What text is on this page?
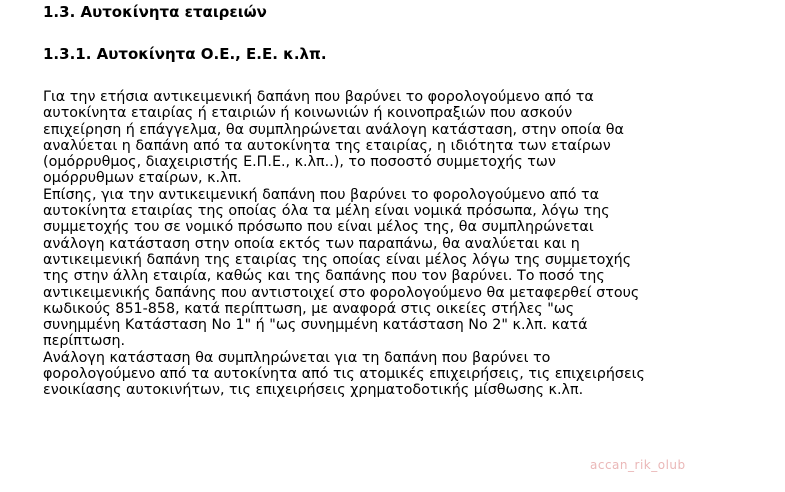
1.3. Αυτοκίνητα εταιρειών
1.3.1. Αυτοκίνητα Ο.Ε., Ε.Ε. κ.λπ.
Για την ετήσια αντικειμενική δαπάνη που βαρύνει το φορολογούμενο από τα
αυτοκίνητα εταιρίας ή εταιριών ή κοινωνιών ή κοινοπραξιών που ασκούν
επιχείρηση ή επάγγελμα, θα συμπληρώνεται ανάλογη κατάσταση, στην οποία θα
αναλύεται η δαπάνη από τα αυτοκίνητα της εταιρίας, η ιδιότητα των εταίρων
(ομόρρυθμος, διαχειριστής Ε.Π.Ε., κ.λπ..), το ποσοστό συμμετοχής των
ομόρρυθμων εταίρων, κ.λπ.
Επίσης, για την αντικειμενική δαπάνη που βαρύνει το φορολογούμενο από τα
αυτοκίνητα εταιρίας της οποίας όλα τα μέλη είναι νομικά πρόσωπα, λόγω της
συμμετοχής του σε νομικό πρόσωπο που είναι μέλος της, θα συμπληρώνεται
ανάλογη κατάσταση στην οποία εκτός των παραπάνω, θα αναλύεται και η
αντικειμενική δαπάνη της εταιρίας της οποίας είναι μέλος λόγω της συμμετοχής
της στην άλλη εταιρία, καθώς και της δαπάνης που τον βαρύνει. Το ποσό της
αντικειμενικής δαπάνης που αντιστοιχεί στο φορολογούμενο θα μεταφερθεί στους
κωδικούς 851-858, κατά περίπτωση, με αναφορά στις οικείες στήλες "ως
συνημμένη Κατάσταση Νο 1" ή "ως συνημμένη κατάσταση Νο 2" κ.λπ. κατά
περίπτωση.
Ανάλογη κατάσταση θα συμπληρώνεται για τη δαπάνη που βαρύνει το
φορολογούμενο από τα αυτοκίνητα από τις ατομικές επιχειρήσεις, τις επιχειρήσεις
ενοικίασης αυτοκινήτων, τις επιχειρήσεις χρηματοδοτικής μίσθωσης κ.λπ.
accan_rik_olub
